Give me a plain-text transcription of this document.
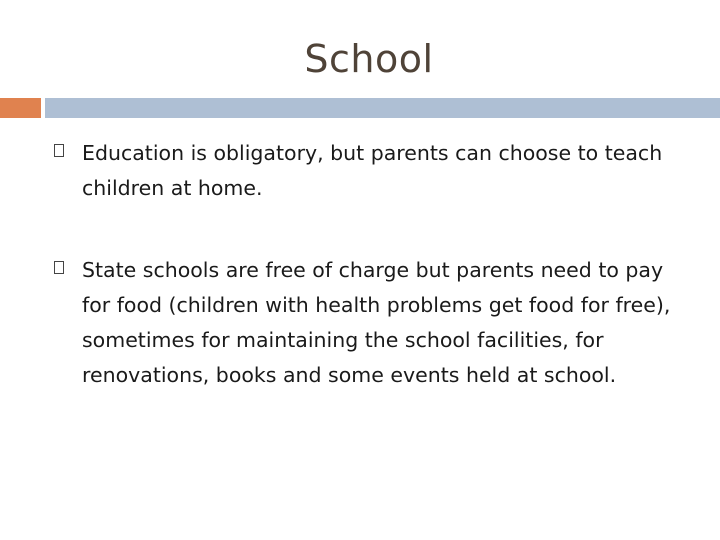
School
Education is obligatory, but parents can choose to teach children at home.
State schools are free of charge but parents need to pay for food (children with health problems get food for free), sometimes for maintaining the school facilities, for renovations, books and some events held at school.
